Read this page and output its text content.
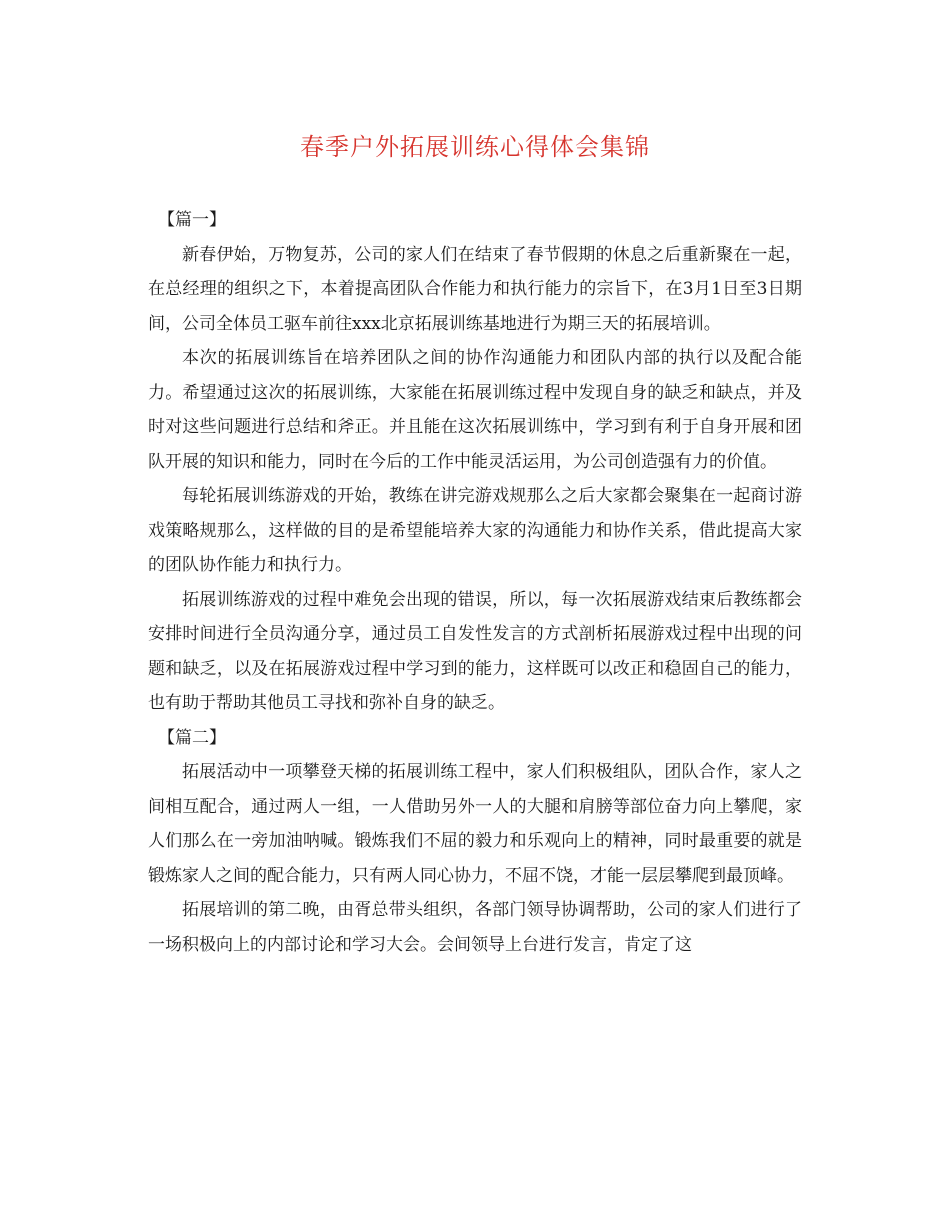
春季户外拓展训练心得体会集锦

【篇一】

新春伊始，万物复苏，公司的家人们在结束了春节假期的休息之后重新聚在一起，在总经理的组织之下，本着提高团队合作能力和执行能力的宗旨下，在3月1日至3日期间，公司全体员工驱车前往xxx北京拓展训练基地进行为期三天的拓展培训。

本次的拓展训练旨在培养团队之间的协作沟通能力和团队内部的执行以及配合能力。希望通过这次的拓展训练，大家能在拓展训练过程中发现自身的缺乏和缺点，并及时对这些问题进行总结和斧正。并且能在这次拓展训练中，学习到有利于自身开展和团队开展的知识和能力，同时在今后的工作中能灵活运用，为公司创造强有力的价值。

每轮拓展训练游戏的开始，教练在讲完游戏规那么之后大家都会聚集在一起商讨游戏策略规那么，这样做的目的是希望能培养大家的沟通能力和协作关系，借此提高大家的团队协作能力和执行力。

拓展训练游戏的过程中难免会出现的错误，所以，每一次拓展游戏结束后教练都会安排时间进行全员沟通分享，通过员工自发性发言的方式剖析拓展游戏过程中出现的问题和缺乏，以及在拓展游戏过程中学习到的能力，这样既可以改正和稳固自己的能力，也有助于帮助其他员工寻找和弥补自身的缺乏。

【篇二】

拓展活动中一项攀登天梯的拓展训练工程中，家人们积极组队，团队合作，家人之间相互配合，通过两人一组，一人借助另外一人的大腿和肩膀等部位奋力向上攀爬，家人们那么在一旁加油呐喊。锻炼我们不屈的毅力和乐观向上的精神，同时最重要的就是锻炼家人之间的配合能力，只有两人同心协力，不屈不饶，才能一层层攀爬到最顶峰。

拓展培训的第二晚，由胥总带头组织，各部门领导协调帮助，公司的家人们进行了一场积极向上的内部讨论和学习大会。会间领导上台进行发言，肯定了这
